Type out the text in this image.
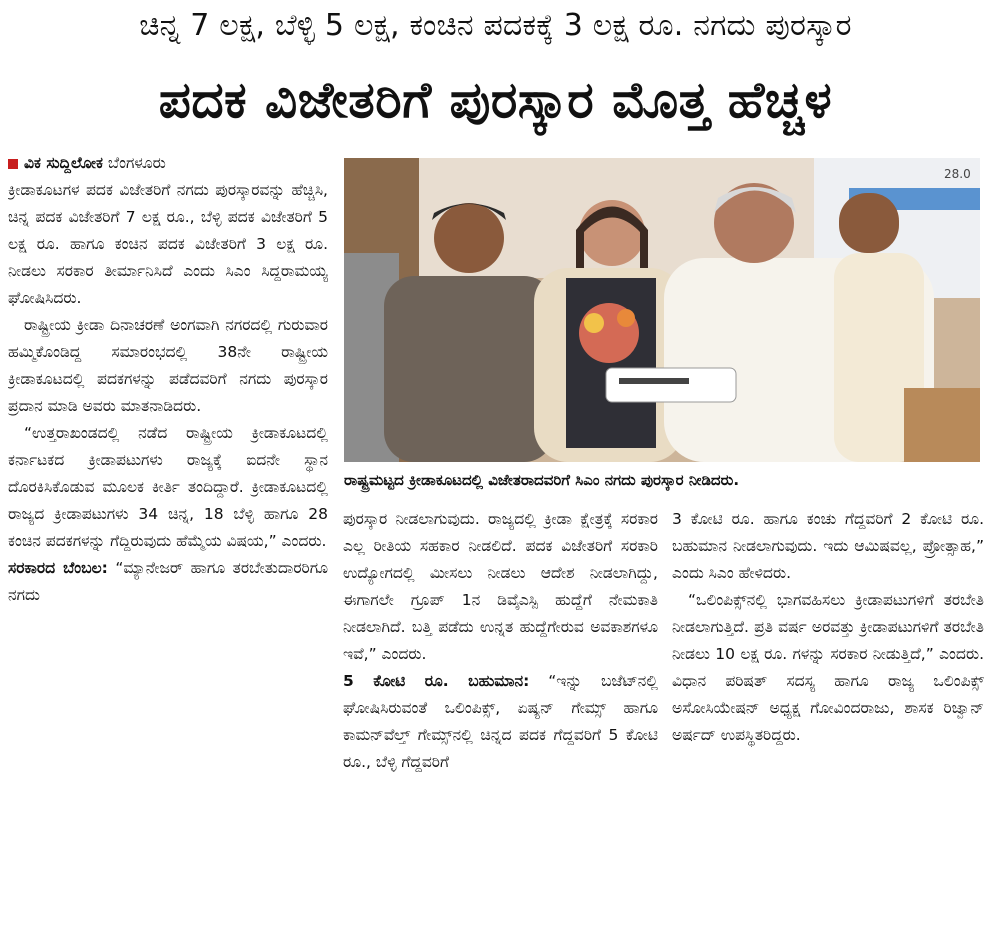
ಚಿನ್ನ 7 ಲಕ್ಷ, ಬೆಳ್ಳಿ 5 ಲಕ್ಷ, ಕಂಚಿನ ಪದಕಕ್ಕೆ 3 ಲಕ್ಷ ರೂ. ನಗದು ಪುರಸ್ಕಾರ
ಪದಕ ವಿಜೇತರಿಗೆ ಪುರಸ್ಕಾರ ಮೊತ್ತ ಹೆಚ್ಚಳ

ವಿಕ ಸುದ್ದಿಲೋಕ ಬೆಂಗಳೂರು

ಕ್ರೀಡಾಕೂಟಗಳ ಪದಕ ವಿಜೇತರಿಗೆ ನಗದು ಪುರಸ್ಕಾರವನ್ನು ಹೆಚ್ಚಿಸಿ, ಚಿನ್ನ ಪದಕ ವಿಜೇತರಿಗೆ 7 ಲಕ್ಷ ರೂ., ಬೆಳ್ಳಿ ಪದಕ ವಿಜೇತರಿಗೆ 5 ಲಕ್ಷ ರೂ. ಹಾಗೂ ಕಂಚಿನ ಪದಕ ವಿಜೇತರಿಗೆ 3 ಲಕ್ಷ ರೂ. ನೀಡಲು ಸರಕಾರ ತೀರ್ಮಾನಿಸಿದೆ ಎಂದು ಸಿಎಂ ಸಿದ್ದರಾಮಯ್ಯ ಘೋಷಿಸಿದರು.

ರಾಷ್ಟ್ರೀಯ ಕ್ರೀಡಾ ದಿನಾಚರಣೆ ಅಂಗವಾಗಿ ನಗರದಲ್ಲಿ ಗುರುವಾರ ಹಮ್ಮಿಕೊಂಡಿದ್ದ ಸಮಾರಂಭದಲ್ಲಿ 38ನೇ ರಾಷ್ಟ್ರೀಯ ಕ್ರೀಡಾಕೂಟದಲ್ಲಿ ಪದಕಗಳನ್ನು ಪಡೆದವರಿಗೆ ನಗದು ಪುರಸ್ಕಾರ ಪ್ರದಾನ ಮಾಡಿ ಅವರು ಮಾತನಾಡಿದರು.

“ಉತ್ತರಾಖಂಡದಲ್ಲಿ ನಡೆದ ರಾಷ್ಟ್ರೀಯ ಕ್ರೀಡಾಕೂಟದಲ್ಲಿ ಕರ್ನಾಟಕದ ಕ್ರೀಡಾಪಟುಗಳು ರಾಜ್ಯಕ್ಕೆ ಐದನೇ ಸ್ಥಾನ ದೊರಕಿಸಿಕೊಡುವ ಮೂಲಕ ಕೀರ್ತಿ ತಂದಿದ್ದಾರೆ. ಕ್ರೀಡಾಕೂಟದಲ್ಲಿ ರಾಜ್ಯದ ಕ್ರೀಡಾಪಟುಗಳು 34 ಚಿನ್ನ, 18 ಬೆಳ್ಳಿ ಹಾಗೂ 28 ಕಂಚಿನ ಪದಕಗಳನ್ನು ಗೆದ್ದಿರುವುದು ಹೆಮ್ಮೆಯ ವಿಷಯ,” ಎಂದರು.

ಸರಕಾರದ ಬೆಂಬಲ: “ಮ್ಯಾನೇಜರ್ ಹಾಗೂ ತರಬೇತುದಾರರಿಗೂ ನಗದು

28.0
ರಾಷ್ಟ್ರಮಟ್ಟದ ಕ್ರೀಡಾಕೂಟದಲ್ಲಿ ವಿಜೇತರಾದವರಿಗೆ ಸಿಎಂ ನಗದು ಪುರಸ್ಕಾರ ನೀಡಿದರು.

ಪುರಸ್ಕಾರ ನೀಡಲಾಗುವುದು. ರಾಜ್ಯದಲ್ಲಿ ಕ್ರೀಡಾ ಕ್ಷೇತ್ರಕ್ಕೆ ಸರಕಾರ ಎಲ್ಲ ರೀತಿಯ ಸಹಕಾರ ನೀಡಲಿದೆ. ಪದಕ ವಿಜೇತರಿಗೆ ಸರಕಾರಿ ಉದ್ಯೋಗದಲ್ಲಿ ಮೀಸಲು ನೀಡಲು ಆದೇಶ ನೀಡಲಾಗಿದ್ದು, ಈಗಾಗಲೇ ಗ್ರೂಪ್ 1ನ ಡಿವೈಎಸ್ಪಿ ಹುದ್ದೆಗೆ ನೇಮಕಾತಿ ನೀಡಲಾಗಿದೆ. ಬತ್ತಿ ಪಡೆದು ಉನ್ನತ ಹುದ್ದೆಗೇರುವ ಅವಕಾಶಗಳೂ ಇವೆ,” ಎಂದರು.

5 ಕೋಟಿ ರೂ. ಬಹುಮಾನ: “ಇನ್ನು ಬಜೆಟ್‌ನಲ್ಲಿ ಘೋಷಿಸಿರುವಂತೆ ಒಲಿಂಪಿಕ್ಸ್, ಏಷ್ಯನ್ ಗೇಮ್ಸ್ ಹಾಗೂ ಕಾಮನ್‌ವೆಲ್ತ್ ಗೇಮ್ಸ್‌ನಲ್ಲಿ ಚಿನ್ನದ ಪದಕ ಗೆದ್ದವರಿಗೆ 5 ಕೋಟಿ ರೂ., ಬೆಳ್ಳಿ ಗೆದ್ದವರಿಗೆ

3 ಕೋಟಿ ರೂ. ಹಾಗೂ ಕಂಚು ಗೆದ್ದವರಿಗೆ 2 ಕೋಟಿ ರೂ. ಬಹುಮಾನ ನೀಡಲಾಗುವುದು. ಇದು ಆಮಿಷವಲ್ಲ, ಪ್ರೋತ್ಸಾಹ,” ಎಂದು ಸಿಎಂ ಹೇಳಿದರು.

“ಒಲಿಂಪಿಕ್ಸ್‌ನಲ್ಲಿ ಭಾಗವಹಿಸಲು ಕ್ರೀಡಾಪಟುಗಳಿಗೆ ತರಬೇತಿ ನೀಡಲಾಗುತ್ತಿದೆ. ಪ್ರತಿ ವರ್ಷ ಅರವತ್ತು ಕ್ರೀಡಾಪಟುಗಳಿಗೆ ತರಬೇತಿ ನೀಡಲು 10 ಲಕ್ಷ ರೂ. ಗಳನ್ನು ಸರಕಾರ ನೀಡುತ್ತಿದೆ,” ಎಂದರು. ವಿಧಾನ ಪರಿಷತ್ ಸದಸ್ಯ ಹಾಗೂ ರಾಜ್ಯ ಒಲಿಂಪಿಕ್ಸ್ ಅಸೋಸಿಯೇಷನ್ ಅಧ್ಯಕ್ಷ ಗೋವಿಂದರಾಜು, ಶಾಸಕ ರಿಜ್ವಾನ್ ಅರ್ಷದ್ ಉಪಸ್ಥಿತರಿದ್ದರು.
